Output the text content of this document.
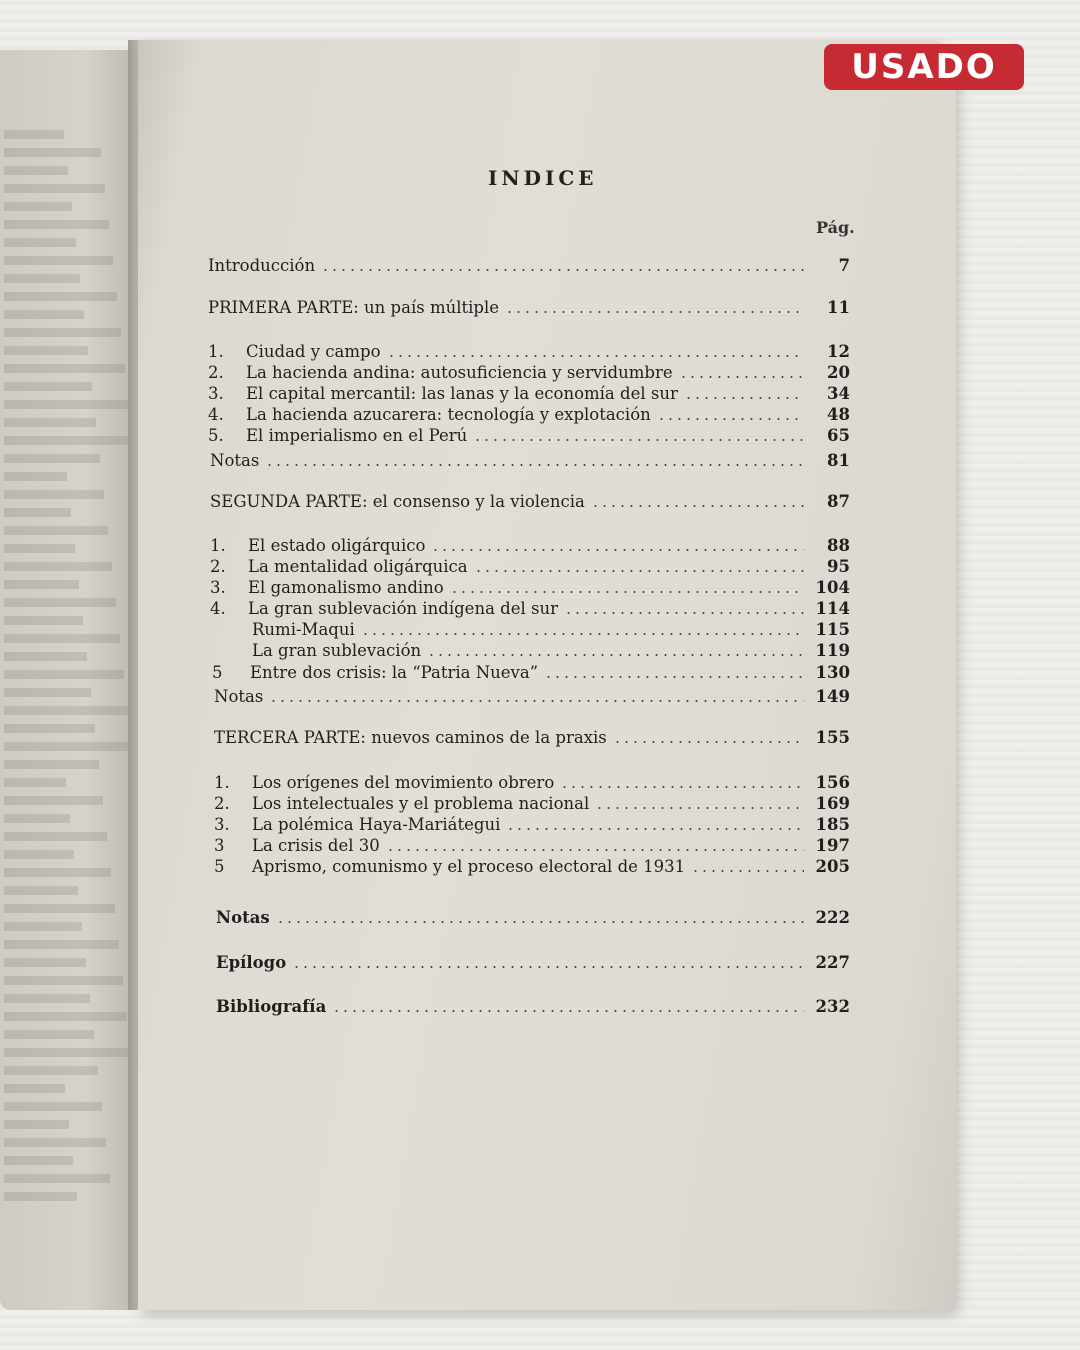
USADO
INDICE
Pág.
Introducción	7
PRIMERA PARTE: un país múltiple	11
1.	Ciudad y campo	12
2.	La hacienda andina: autosuficiencia y servidumbre	20
3.	El capital mercantil: las lanas y la economía del sur	34
4.	La hacienda azucarera: tecnología y explotación	48
5.	El imperialismo en el Perú	65
Notas	81
SEGUNDA PARTE: el consenso y la violencia	87
1.	El estado oligárquico	88
2.	La mentalidad oligárquica	95
3.	El gamonalismo andino	104
4.	La gran sublevación indígena del sur	114
Rumi-Maqui	115
La gran sublevación	119
5	Entre dos crisis: la “Patria Nueva”	130
Notas	149
TERCERA PARTE: nuevos caminos de la praxis	155
1.	Los orígenes del movimiento obrero	156
2.	Los intelectuales y el problema nacional	169
3.	La polémica Haya-Mariátegui	185
3	La crisis del 30	197
5	Aprismo, comunismo y el proceso electoral de 1931	205
Notas	222
Epílogo	227
Bibliografía	232
